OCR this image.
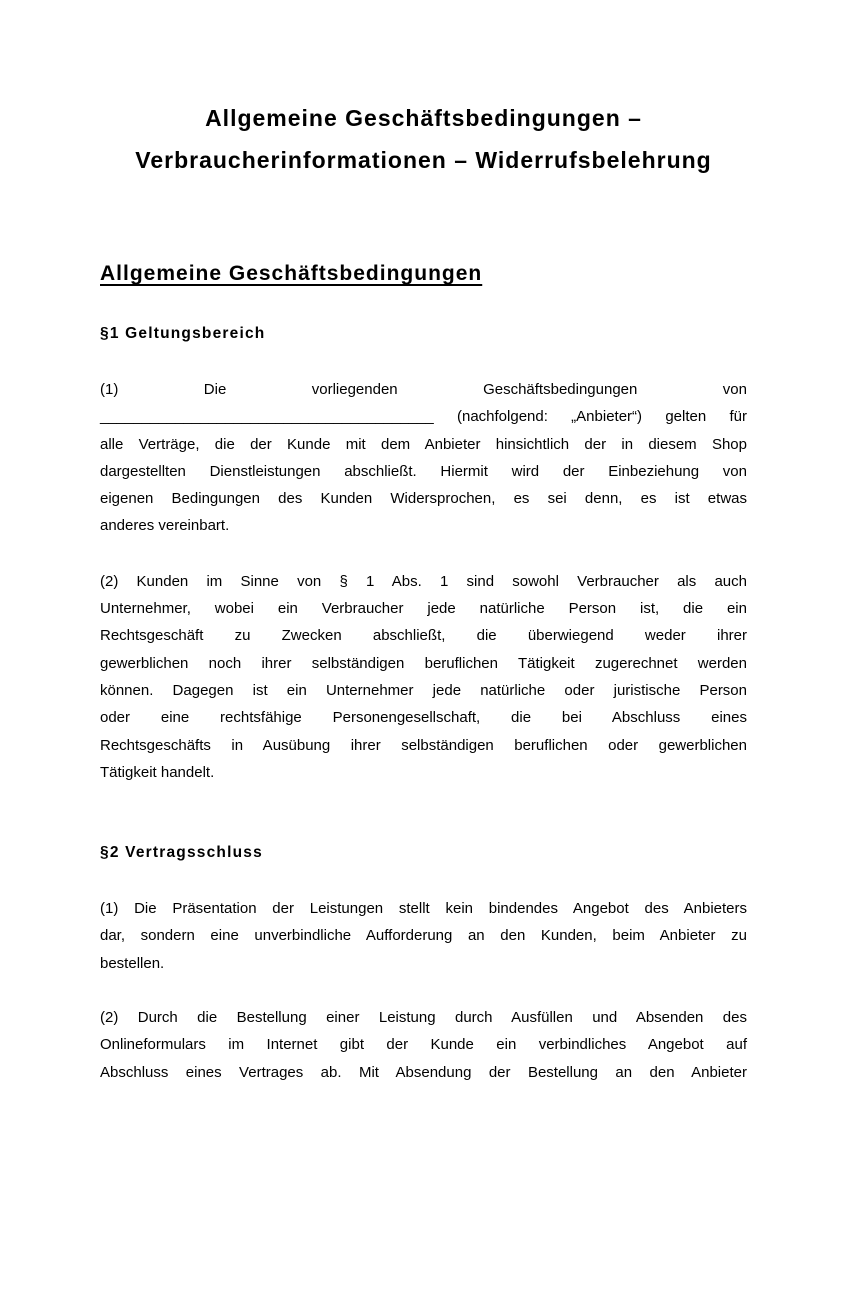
Allgemeine Geschäftsbedingungen – Verbraucherinformationen – Widerrufsbelehrung
Allgemeine Geschäftsbedingungen
§1 Geltungsbereich
(1) Die vorliegenden Geschäftsbedingungen von
________________________________________ (nachfolgend: „Anbieter“) gelten für
alle Verträge, die der Kunde mit dem Anbieter hinsichtlich der in diesem Shop
dargestellten Dienstleistungen abschließt. Hiermit wird der Einbeziehung von
eigenen Bedingungen des Kunden Widersprochen, es sei denn, es ist etwas
anderes vereinbart.
(2) Kunden im Sinne von § 1 Abs. 1 sind sowohl Verbraucher als auch
Unternehmer, wobei ein Verbraucher jede natürliche Person ist, die ein
Rechtsgeschäft zu Zwecken abschließt, die überwiegend weder ihrer
gewerblichen noch ihrer selbständigen beruflichen Tätigkeit zugerechnet werden
können. Dagegen ist ein Unternehmer jede natürliche oder juristische Person
oder eine rechtsfähige Personengesellschaft, die bei Abschluss eines
Rechtsgeschäfts in Ausübung ihrer selbständigen beruflichen oder gewerblichen
Tätigkeit handelt.
§2 Vertragsschluss
(1) Die Präsentation der Leistungen stellt kein bindendes Angebot des Anbieters
dar, sondern eine unverbindliche Aufforderung an den Kunden, beim Anbieter zu
bestellen.
(2) Durch die Bestellung einer Leistung durch Ausfüllen und Absenden des
Onlineformulars im Internet gibt der Kunde ein verbindliches Angebot auf
Abschluss eines Vertrages ab. Mit Absendung der Bestellung an den Anbieter
